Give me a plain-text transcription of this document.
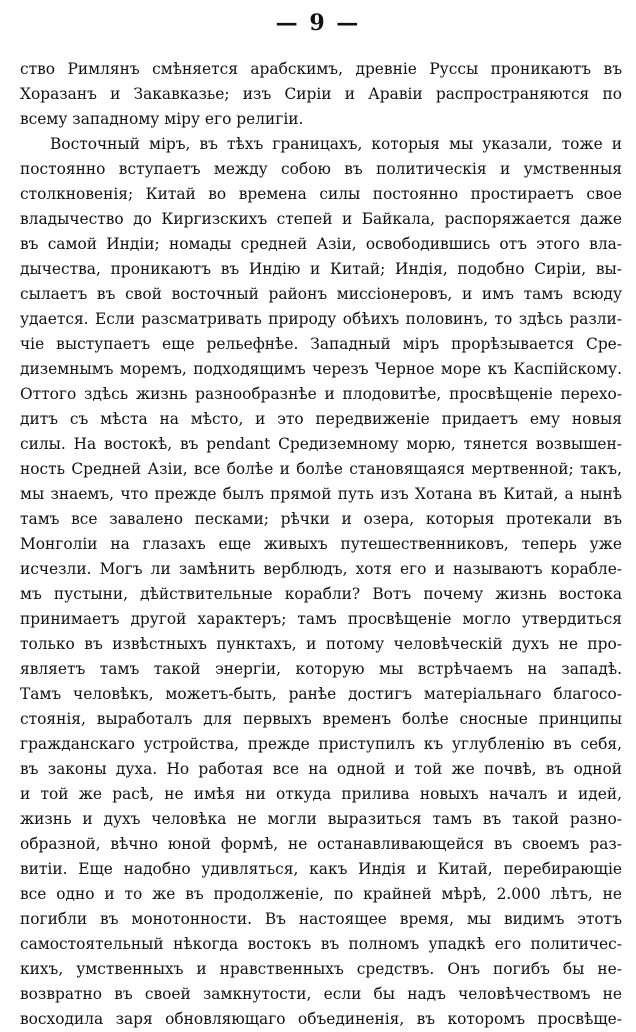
— 9 —
ство Римлянъ смѣняется арабскимъ, древніе Руссы проникаютъ въ
Хоразанъ и Закавказье; изъ Сиріи и Аравіи распространяются по
всему западному міру его религіи.
Восточный міръ, въ тѣхъ границахъ, которыя мы указали, тоже и
постоянно вступаетъ между собою въ политическія и умственныя
столкновенія; Китай во времена силы постоянно простираетъ свое
владычество до Киргизскихъ степей и Байкала, распоряжается даже
въ самой Индіи; номады средней Азіи, освободившись отъ этого вла-
дычества, проникаютъ въ Индію и Китай; Индія, подобно Сиріи, вы-
сылаетъ въ свой восточный районъ миссіонеровъ, и имъ тамъ всюду
удается. Если разсматривать природу обѣихъ половинъ, то здѣсь разли-
чіе выступаетъ еще рельефнѣе. Западный міръ прорѣзывается Сре-
диземнымъ моремъ, подходящимъ черезъ Черное море къ Каспійскому.
Оттого здѣсь жизнь разнообразнѣе и плодовитѣе, просвѣщеніе перехо-
дитъ съ мѣста на мѣсто, и это передвиженіе придаетъ ему новыя
силы. На востокѣ, въ pendant Средиземному морю, тянется возвышен-
ность Средней Азіи, все болѣе и болѣе становящаяся мертвенной; такъ,
мы знаемъ, что прежде былъ прямой путь изъ Хотана въ Китай, а нынѣ
тамъ все завалено песками; рѣчки и озера, которыя протекали въ
Монголіи на глазахъ еще живыхъ путешественниковъ, теперь уже
исчезли. Могъ ли замѣнить верблюдъ, хотя его и называютъ корабле-
мъ пустыни, дѣйствительные корабли? Вотъ почему жизнь востока
принимаетъ другой характеръ; тамъ просвѣщеніе могло утвердиться
только въ извѣстныхъ пунктахъ, и потому человѣческій духъ не про-
являетъ тамъ такой энергіи, которую мы встрѣчаемъ на западѣ.
Тамъ человѣкъ, можетъ-быть, ранѣе достигъ матеріальнаго благосо-
стоянія, выработалъ для первыхъ временъ болѣе сносные принципы
гражданскаго устройства, прежде приступилъ къ углубленію въ себя,
въ законы духа. Но работая все на одной и той же почвѣ, въ одной
и той же расѣ, не имѣя ни откуда прилива новыхъ началъ и идей,
жизнь и духъ человѣка не могли выразиться тамъ въ такой разно-
образной, вѣчно юной формѣ, не останавливающейся въ своемъ раз-
витіи. Еще надобно удивляться, какъ Индія и Китай, перебирающіе
все одно и то же въ продолженіе, по крайней мѣрѣ, 2.000 лѣтъ, не
погибли въ монотонности. Въ настоящее время, мы видимъ этотъ
самостоятельный нѣкогда востокъ въ полномъ упадкѣ его политичес-
кихъ, умственныхъ и нравственныхъ средствъ. Онъ погибъ бы не-
возвратно въ своей замкнутости, если бы надъ человѣчествомъ не
восходила заря обновляющаго объединенія, въ которомъ просвѣще-
